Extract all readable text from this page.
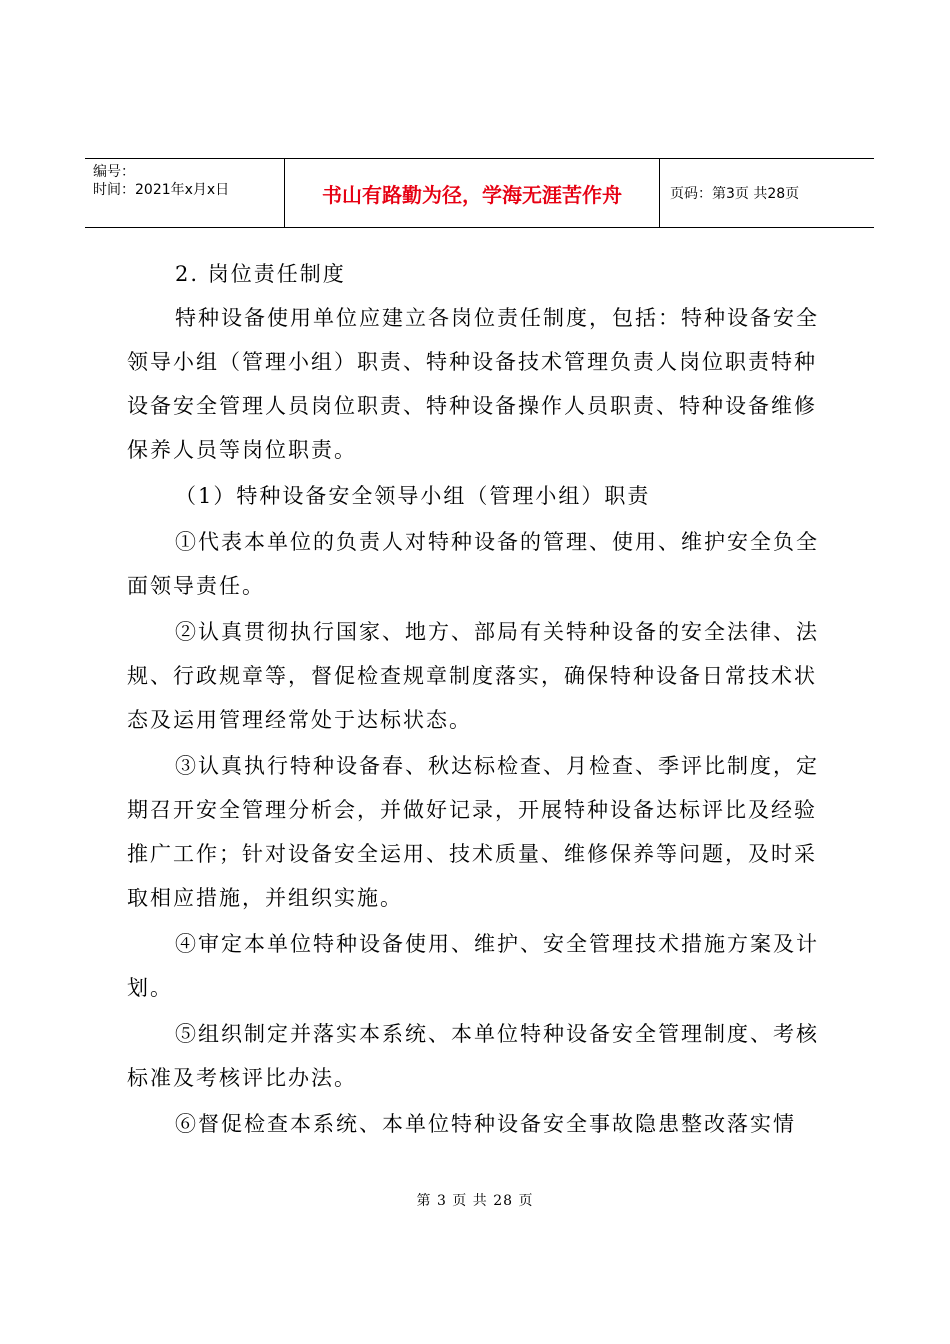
编号：
时间：2021年x月x日	书山有路勤为径，学海无涯苦作舟	页码：第3页 共28页

2. 岗位责任制度

特种设备使用单位应建立各岗位责任制度，包括：特种设备安全领导小组（管理小组）职责、特种设备技术管理负责人岗位职责特种设备安全管理人员岗位职责、特种设备操作人员职责、特种设备维修保养人员等岗位职责。

（1）特种设备安全领导小组（管理小组）职责

①代表本单位的负责人对特种设备的管理、使用、维护安全负全面领导责任。

②认真贯彻执行国家、地方、部局有关特种设备的安全法律、法规、行政规章等，督促检查规章制度落实，确保特种设备日常技术状态及运用管理经常处于达标状态。

③认真执行特种设备春、秋达标检查、月检查、季评比制度，定期召开安全管理分析会，并做好记录，开展特种设备达标评比及经验推广工作；针对设备安全运用、技术质量、维修保养等问题，及时采取相应措施，并组织实施。

④审定本单位特种设备使用、维护、安全管理技术措施方案及计划。

⑤组织制定并落实本系统、本单位特种设备安全管理制度、考核标准及考核评比办法。

⑥督促检查本系统、本单位特种设备安全事故隐患整改落实情

第 3 页 共 28 页
